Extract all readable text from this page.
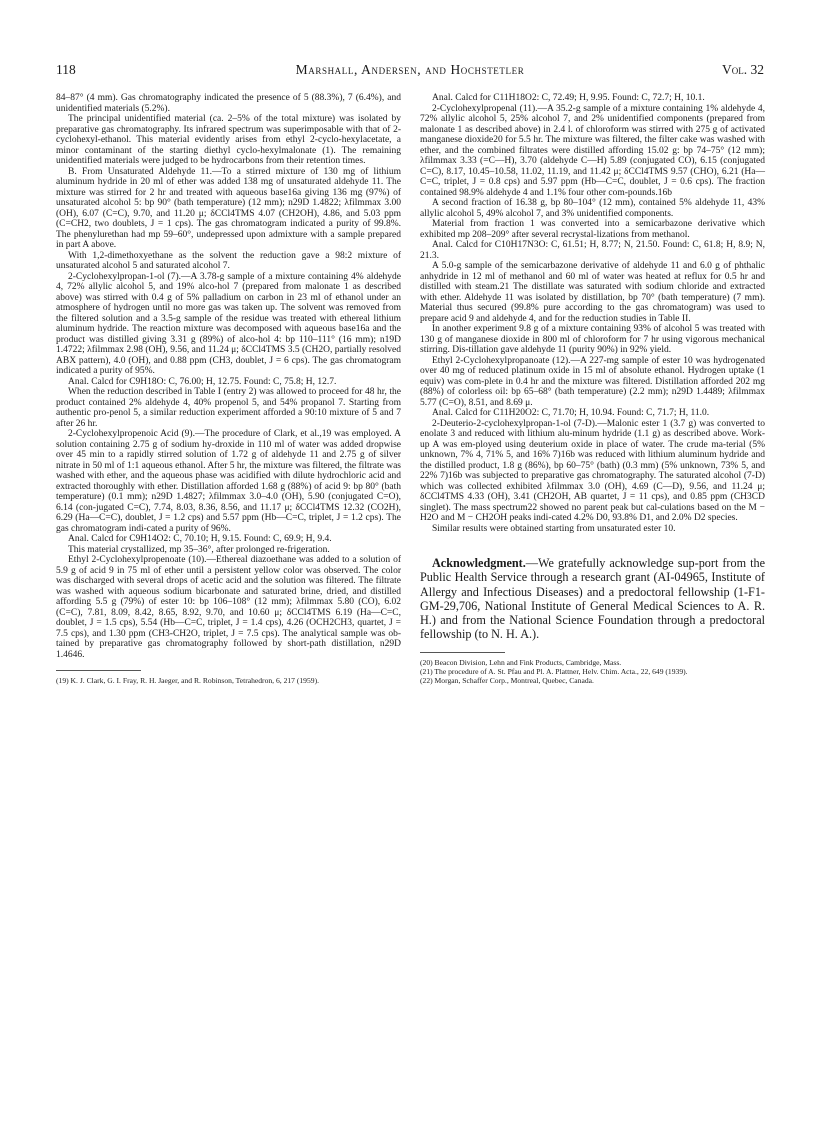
118	Marshall, Andersen, and Hochstetler	Vol. 32

84–87° (4 mm). Gas chromatography indicated the presence of 5 (88.3%), 7 (6.4%), and unidentified materials (5.2%).

The principal unidentified material (ca. 2–5% of the total mixture) was isolated by preparative gas chromatography. Its infrared spectrum was superimposable with that of 2-cyclohexyl-ethanol. This material evidently arises from ethyl 2-cyclo-hexylacetate, a minor contaminant of the starting diethyl cyclo-hexylmalonate (1). The remaining unidentified materials were judged to be hydrocarbons from their retention times.

B. From Unsaturated Aldehyde 11.—To a stirred mixture of 130 mg of lithium aluminum hydride in 20 ml of ether was added 138 mg of unsaturated aldehyde 11. The mixture was stirred for 2 hr and treated with aqueous base16a giving 136 mg (97%) of unsaturated alcohol 5: bp 90° (bath temperature) (12 mm); n29D 1.4822; λfilmmax 3.00 (OH), 6.07 (C=C), 9.70, and 11.20 μ; δCCl4TMS 4.07 (CH2OH), 4.86, and 5.03 ppm (C=CH2, two doublets, J = 1 cps). The gas chromatogram indicated a purity of 99.8%. The phenylurethan had mp 59–60°, undepressed upon admixture with a sample prepared in part A above.

With 1,2-dimethoxyethane as the solvent the reduction gave a 98:2 mixture of unsaturated alcohol 5 and saturated alcohol 7.

2-Cyclohexylpropan-1-ol (7).—A 3.78-g sample of a mixture containing 4% aldehyde 4, 72% allylic alcohol 5, and 19% alco-hol 7 (prepared from malonate 1 as described above) was stirred with 0.4 g of 5% palladium on carbon in 23 ml of ethanol under an atmosphere of hydrogen until no more gas was taken up. The solvent was removed from the filtered solution and a 3.5-g sample of the residue was treated with ethereal lithium aluminum hydride. The reaction mixture was decomposed with aqueous base16a and the product was distilled giving 3.31 g (89%) of alco-hol 4: bp 110–111° (16 mm); n19D 1.4722; λfilmmax 2.98 (OH), 9.56, and 11.24 μ; δCCl4TMS 3.5 (CH2O, partially resolved ABX pattern), 4.0 (OH), and 0.88 ppm (CH3, doublet, J = 6 cps). The gas chromatogram indicated a purity of 95%.

Anal. Calcd for C9H18O: C, 76.00; H, 12.75. Found: C, 75.8; H, 12.7.

When the reduction described in Table I (entry 2) was allowed to proceed for 48 hr, the product contained 2% aldehyde 4, 40% propenol 5, and 54% propanol 7. Starting from authentic pro-penol 5, a similar reduction experiment afforded a 90:10 mixture of 5 and 7 after 26 hr.

2-Cyclohexylpropenoic Acid (9).—The procedure of Clark, et al.,19 was employed. A solution containing 2.75 g of sodium hy-droxide in 110 ml of water was added dropwise over 45 min to a rapidly stirred solution of 1.72 g of aldehyde 11 and 2.75 g of silver nitrate in 50 ml of 1:1 aqueous ethanol. After 5 hr, the mixture was filtered, the filtrate was washed with ether, and the aqueous phase was acidified with dilute hydrochloric acid and extracted thoroughly with ether. Distillation afforded 1.68 g (88%) of acid 9: bp 80° (bath temperature) (0.1 mm); n29D 1.4827; λfilmmax 3.0–4.0 (OH), 5.90 (conjugated C=O), 6.14 (con-jugated C=C), 7.74, 8.03, 8.36, 8.56, and 11.17 μ; δCCl4TMS 12.32 (CO2H), 6.29 (Ha—C=C), doublet, J = 1.2 cps) and 5.57 ppm (Hb—C=C, triplet, J = 1.2 cps). The gas chromatogram indi-cated a purity of 96%.

Anal. Calcd for C9H14O2: C, 70.10; H, 9.15. Found: C, 69.9; H, 9.4.

This material crystallized, mp 35–36°, after prolonged re-frigeration.

Ethyl 2-Cyclohexylpropenoate (10).—Ethereal diazoethane was added to a solution of 5.9 g of acid 9 in 75 ml of ether until a persistent yellow color was observed. The color was discharged with several drops of acetic acid and the solution was filtered. The filtrate was washed with aqueous sodium bicarbonate and saturated brine, dried, and distilled affording 5.5 g (79%) of ester 10: bp 106–108° (12 mm); λfilmmax 5.80 (CO), 6.02 (C=C), 7.81, 8.09, 8.42, 8.65, 8.92, 9.70, and 10.60 μ; δCCl4TMS 6.19 (Ha—C=C, doublet, J = 1.5 cps), 5.54 (Hb—C=C, triplet, J = 1.4 cps), 4.26 (OCH2CH3, quartet, J = 7.5 cps), and 1.30 ppm (CH3-CH2O, triplet, J = 7.5 cps). The analytical sample was ob-tained by preparative gas chromatography followed by short-path distillation, n29D 1.4646.

(19) K. J. Clark, G. I. Fray, R. H. Jaeger, and R. Robinson, Tetrahedron, 6, 217 (1959).

Anal. Calcd for C11H18O2: C, 72.49; H, 9.95. Found: C, 72.7; H, 10.1.

2-Cyclohexylpropenal (11).—A 35.2-g sample of a mixture containing 1% aldehyde 4, 72% allylic alcohol 5, 25% alcohol 7, and 2% unidentified components (prepared from malonate 1 as described above) in 2.4 l. of chloroform was stirred with 275 g of activated manganese dioxide20 for 5.5 hr. The mixture was filtered, the filter cake was washed with ether, and the combined filtrates were distilled affording 15.02 g: bp 74–75° (12 mm); λfilmmax 3.33 (=C—H), 3.70 (aldehyde C—H) 5.89 (conjugated CO), 6.15 (conjugated C=C), 8.17, 10.45–10.58, 11.02, 11.19, and 11.42 μ; δCCl4TMS 9.57 (CHO), 6.21 (Ha—C=C, triplet, J = 0.8 cps) and 5.97 ppm (Hb—C=C, doublet, J = 0.6 cps). The fraction contained 98.9% aldehyde 4 and 1.1% four other com-pounds.16b

A second fraction of 16.38 g, bp 80–104° (12 mm), contained 5% aldehyde 11, 43% allylic alcohol 5, 49% alcohol 7, and 3% unidentified components.

Material from fraction 1 was converted into a semicarbazone derivative which exhibited mp 208–209° after several recrystal-lizations from methanol.

Anal. Calcd for C10H17N3O: C, 61.51; H, 8.77; N, 21.50. Found: C, 61.8; H, 8.9; N, 21.3.

A 5.0-g sample of the semicarbazone derivative of aldehyde 11 and 6.0 g of phthalic anhydride in 12 ml of methanol and 60 ml of water was heated at reflux for 0.5 hr and distilled with steam.21 The distillate was saturated with sodium chloride and extracted with ether. Aldehyde 11 was isolated by distillation, bp 70° (bath temperature) (7 mm). Material thus secured (99.8% pure according to the gas chromatogram) was used to prepare acid 9 and aldehyde 4, and for the reduction studies in Table II.

In another experiment 9.8 g of a mixture containing 93% of alcohol 5 was treated with 130 g of manganese dioxide in 800 ml of chloroform for 7 hr using vigorous mechanical stirring. Dis-tillation gave aldehyde 11 (purity 90%) in 92% yield.

Ethyl 2-Cyclohexylpropanoate (12).—A 227-mg sample of ester 10 was hydrogenated over 40 mg of reduced platinum oxide in 15 ml of absolute ethanol. Hydrogen uptake (1 equiv) was com-plete in 0.4 hr and the mixture was filtered. Distillation afforded 202 mg (88%) of colorless oil: bp 65–68° (bath temperature) (2.2 mm); n29D 1.4489; λfilmmax 5.77 (C=O), 8.51, and 8.69 μ.

Anal. Calcd for C11H20O2: C, 71.70; H, 10.94. Found: C, 71.7; H, 11.0.

2-Deuterio-2-cyclohexylpropan-1-ol (7-D).—Malonic ester 1 (3.7 g) was converted to enolate 3 and reduced with lithium alu-minum hydride (1.1 g) as described above. Work-up A was em-ployed using deuterium oxide in place of water. The crude ma-terial (5% unknown, 7% 4, 71% 5, and 16% 7)16b was reduced with lithium aluminum hydride and the distilled product, 1.8 g (86%), bp 60–75° (bath) (0.3 mm) (5% unknown, 73% 5, and 22% 7)16b was subjected to preparative gas chromatography. The saturated alcohol (7-D) which was collected exhibited λfilmmax 3.0 (OH), 4.69 (C—D), 9.56, and 11.24 μ; δCCl4TMS 4.33 (OH), 3.41 (CH2OH, AB quartet, J = 11 cps), and 0.85 ppm (CH3CD singlet). The mass spectrum22 showed no parent peak but cal-culations based on the M − H2O and M − CH2OH peaks indi-cated 4.2% D0, 93.8% D1, and 2.0% D2 species.

Similar results were obtained starting from unsaturated ester 10.

Acknowledgment.—We gratefully acknowledge sup-port from the Public Health Service through a research grant (AI-04965, Institute of Allergy and Infectious Diseases) and a predoctoral fellowship (1-F1-GM-29,706, National Institute of General Medical Sciences to A. R. H.) and from the National Science Foundation through a predoctoral fellowship (to N. H. A.).

(20) Beacon Division, Lehn and Fink Products, Cambridge, Mass.

(21) The procedure of A. St. Pfau and Pl. A. Plattner, Helv. Chim. Acta., 22, 649 (1939).

(22) Morgan, Schaffer Corp., Montreal, Quebec, Canada.
